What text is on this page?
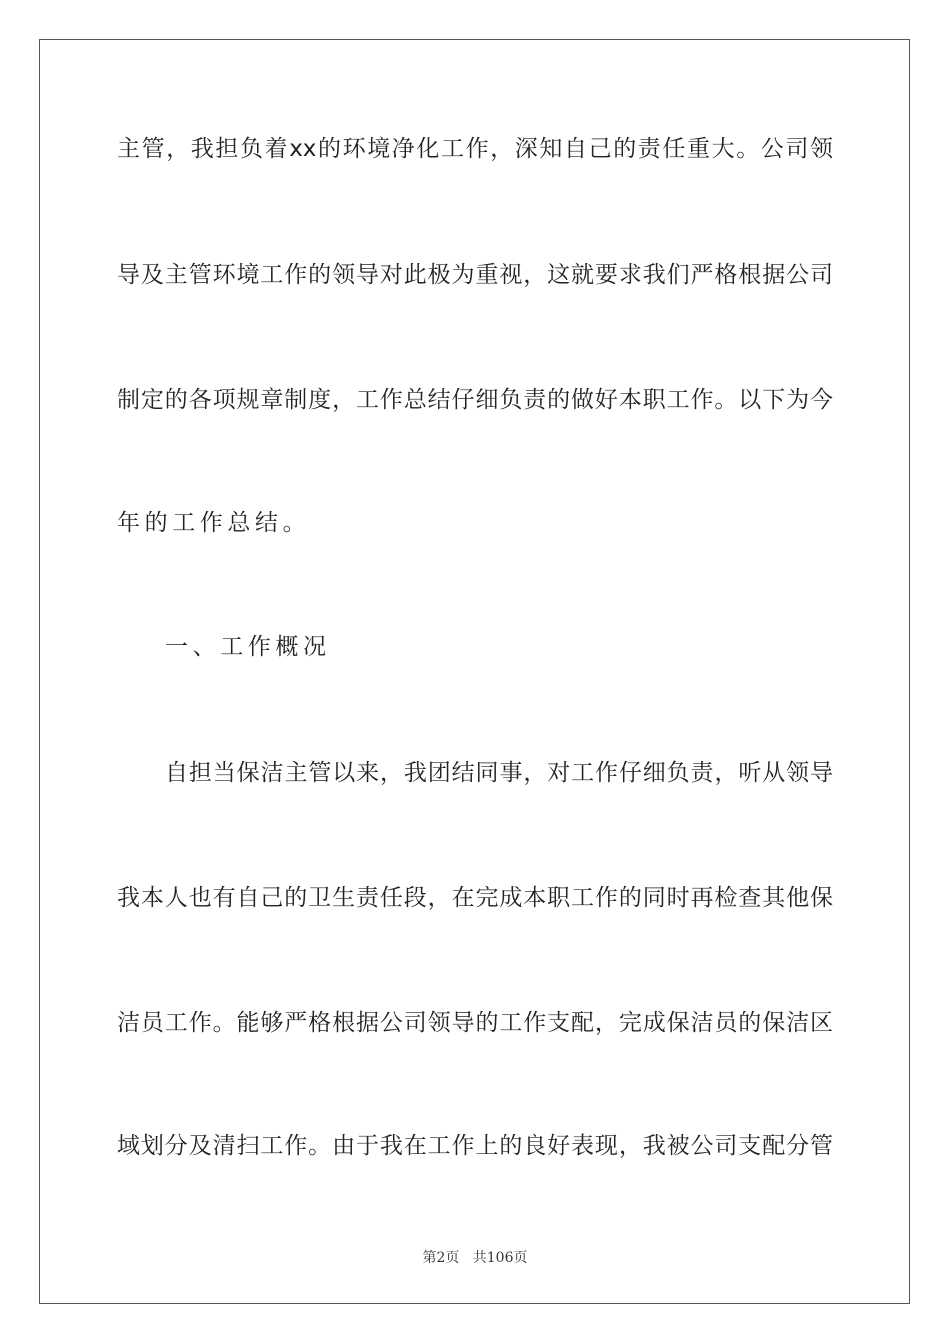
主管，我担负着xx的环境净化工作，深知自己的责任重大。公司领
导及主管环境工作的领导对此极为重视，这就要求我们严格根据公司
制定的各项规章制度，工作总结仔细负责的做好本职工作。以下为今
年的工作总结。
一、工作概况
自担当保洁主管以来，我团结同事，对工作仔细负责，听从领导
我本人也有自己的卫生责任段，在完成本职工作的同时再检查其他保
洁员工作。能够严格根据公司领导的工作支配，完成保洁员的保洁区
域划分及清扫工作。由于我在工作上的良好表现，我被公司支配分管
第2页 共106页
